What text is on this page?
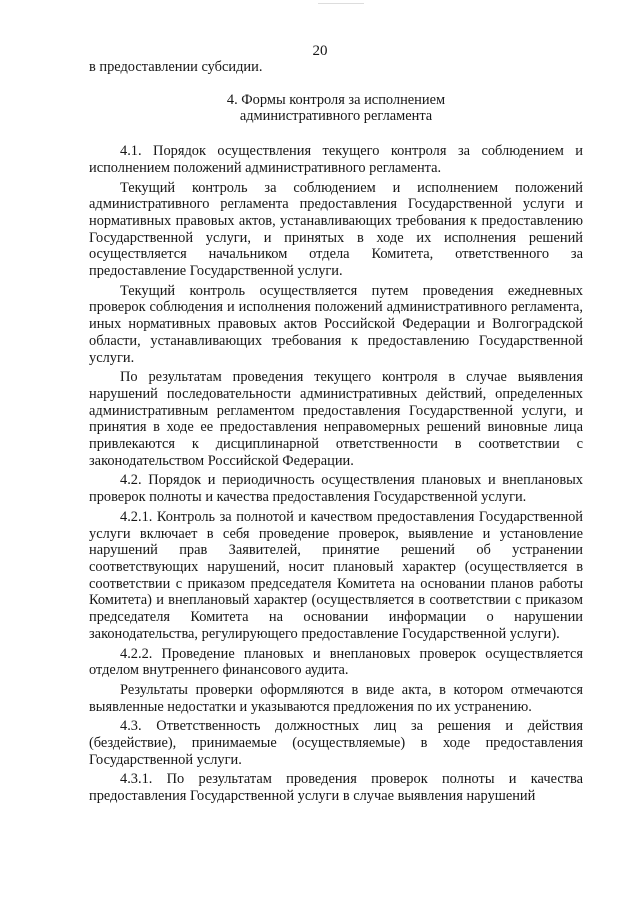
20

в предоставлении субсидии.

4. Формы контроля за исполнением
административного регламента

4.1. Порядок осуществления текущего контроля за соблюдением и исполнением положений административного регламента.

Текущий контроль за соблюдением и исполнением положений административного регламента предоставления Государственной услуги и нормативных правовых актов, устанавливающих требования к предоставлению Государственной услуги, и принятых в ходе их исполнения решений осуществляется начальником отдела Комитета, ответственного за предоставление Государственной услуги.

Текущий контроль осуществляется путем проведения ежедневных проверок соблюдения и исполнения положений административного регламента, иных нормативных правовых актов Российской Федерации и Волгоградской области, устанавливающих требования к предоставлению Государственной услуги.

По результатам проведения текущего контроля в случае выявления нарушений последовательности административных действий, определенных административным регламентом предоставления Государственной услуги, и принятия в ходе ее предоставления неправомерных решений виновные лица привлекаются к дисциплинарной ответственности в соответствии с законодательством Российской Федерации.

4.2. Порядок и периодичность осуществления плановых и внеплановых проверок полноты и качества предоставления Государственной услуги.

4.2.1. Контроль за полнотой и качеством предоставления Государственной услуги включает в себя проведение проверок, выявление и установление нарушений прав Заявителей, принятие решений об устранении соответствующих нарушений, носит плановый характер (осуществляется в соответствии с приказом председателя Комитета на основании планов работы Комитета) и внеплановый характер (осуществляется в соответствии с приказом председателя Комитета на основании информации о нарушении законодательства, регулирующего предоставление Государственной услуги).

4.2.2. Проведение плановых и внеплановых проверок осуществляется отделом внутреннего финансового аудита.

Результаты проверки оформляются в виде акта, в котором отмечаются выявленные недостатки и указываются предложения по их устранению.

4.3. Ответственность должностных лиц за решения и действия (бездействие), принимаемые (осуществляемые) в ходе предоставления Государственной услуги.

4.3.1. По результатам проведения проверок полноты и качества предоставления Государственной услуги в случае выявления нарушений
